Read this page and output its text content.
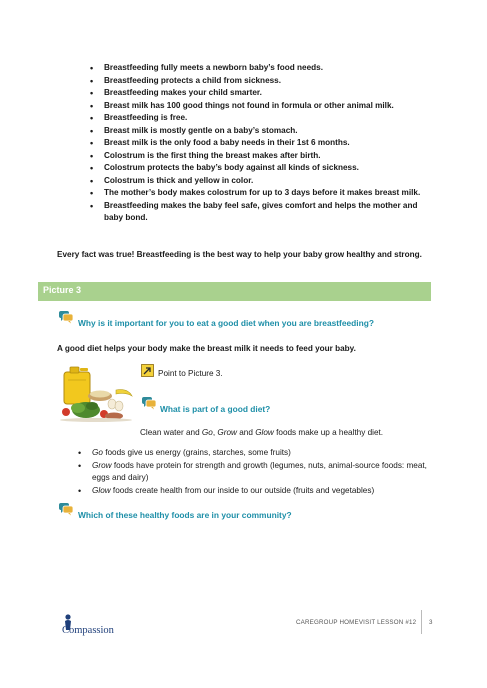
• Breastfeeding fully meets a newborn baby’s food needs.
• Breastfeeding protects a child from sickness.
• Breastfeeding makes your child smarter.
• Breast milk has 100 good things not found in formula or other animal milk.
• Breastfeeding is free.
• Breast milk is mostly gentle on a baby’s stomach.
• Breast milk is the only food a baby needs in their 1st 6 months.
• Colostrum is the first thing the breast makes after birth.
• Colostrum protects the baby’s body against all kinds of sickness.
• Colostrum is thick and yellow in color.
• The mother’s body makes colostrum for up to 3 days before it makes breast milk.
• Breastfeeding makes the baby feel safe, gives comfort and helps the mother and baby bond.
Every fact was true! Breastfeeding is the best way to help your baby grow healthy and strong.
Picture 3
Why is it important for you to eat a good diet when you are breastfeeding?
A good diet helps your body make the breast milk it needs to feed your baby.
Point to Picture 3.
What is part of a good diet?
Clean water and Go, Grow and Glow foods make up a healthy diet.
• Go foods give us energy (grains, starches, some fruits)
• Grow foods have protein for strength and growth (legumes, nuts, animal-source foods: meat, eggs and dairy)
• Glow foods create health from our inside to our outside (fruits and vegetables)
Which of these healthy foods are in your community?
Compassion
CAREGROUP HOMEVISIT LESSON #12 3
